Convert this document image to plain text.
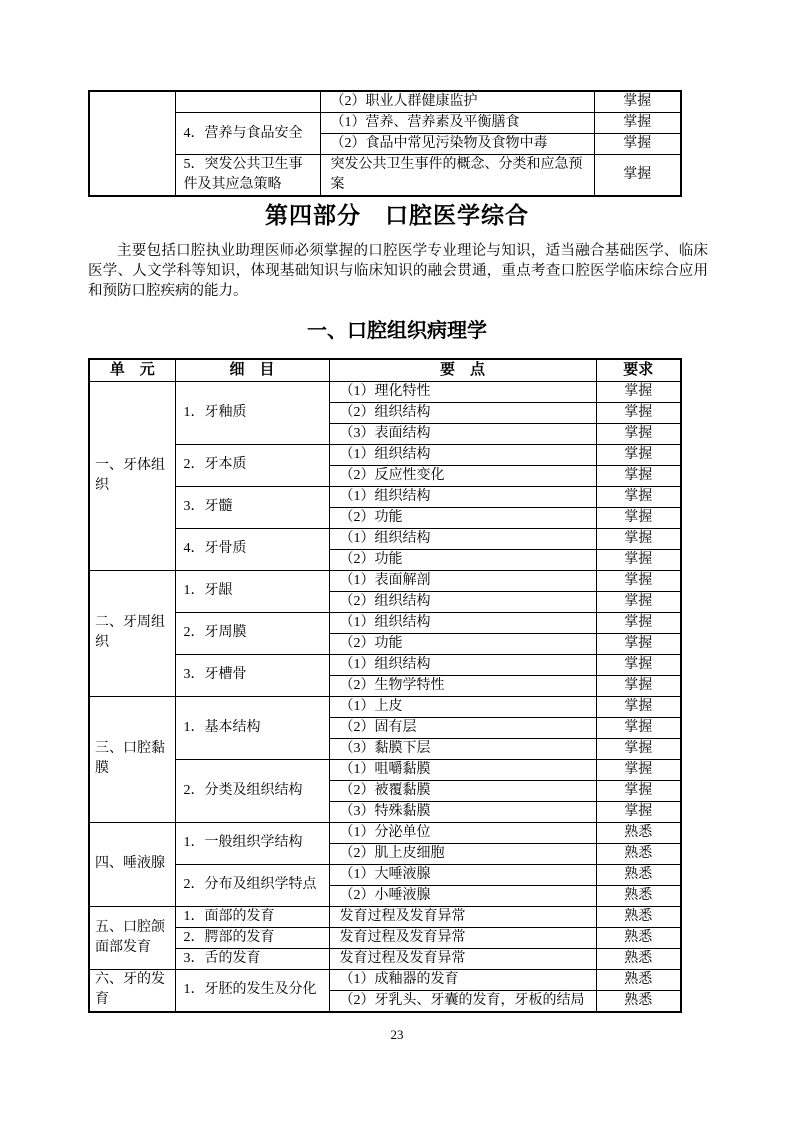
		（2）职业人群健康监护	掌握
	4．营养与食品安全	（1）营养、营养素及平衡膳食	掌握
		（2）食品中常见污染物及食物中毒	掌握
	5．突发公共卫生事件及其应急策略	突发公共卫生事件的概念、分类和应急预案	掌握
第四部分　口腔医学综合

主要包括口腔执业助理医师必须掌握的口腔医学专业理论与知识，适当融合基础医学、临床医学、人文学科等知识，体现基础知识与临床知识的融会贯通，重点考查口腔医学临床综合应用和预防口腔疾病的能力。

一、口腔组织病理学
单　元	细　目	要　点	要求
一、牙体组织	1．牙釉质	（1）理化特性	掌握
		（2）组织结构	掌握
		（3）表面结构	掌握
	2．牙本质	（1）组织结构	掌握
		（2）反应性变化	掌握
	3．牙髓	（1）组织结构	掌握
		（2）功能	掌握
	4．牙骨质	（1）组织结构	掌握
		（2）功能	掌握
二、牙周组织	1．牙龈	（1）表面解剖	掌握
		（2）组织结构	掌握
	2．牙周膜	（1）组织结构	掌握
		（2）功能	掌握
	3．牙槽骨	（1）组织结构	掌握
		（2）生物学特性	掌握
三、口腔黏膜	1．基本结构	（1）上皮	掌握
		（2）固有层	掌握
		（3）黏膜下层	掌握
	2．分类及组织结构	（1）咀嚼黏膜	掌握
		（2）被覆黏膜	掌握
		（3）特殊黏膜	掌握
四、唾液腺	1．一般组织学结构	（1）分泌单位	熟悉
		（2）肌上皮细胞	熟悉
	2．分布及组织学特点	（1）大唾液腺	熟悉
		（2）小唾液腺	熟悉
五、口腔颌面部发育	1．面部的发育	发育过程及发育异常	熟悉
	2．腭部的发育	发育过程及发育异常	熟悉
	3．舌的发育	发育过程及发育异常	熟悉
六、牙的发育	1．牙胚的发生及分化	（1）成釉器的发育	熟悉
		（2）牙乳头、牙囊的发育，牙板的结局	熟悉
23
